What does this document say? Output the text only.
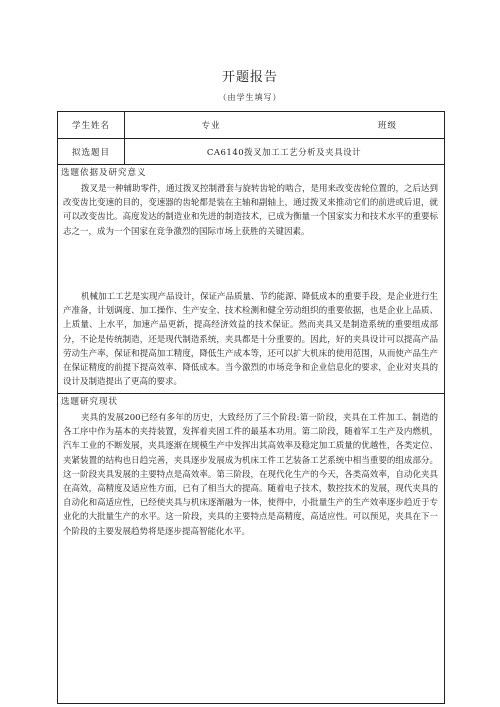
开题报告
（由学生填写）
学生姓名	专业	班级
拟选题目	CA6140拨叉加工工艺分析及夹具设计
选题依据及研究意义

拨叉是一种辅助零件，通过拨叉控制滑套与旋转齿轮的啮合，是用来改变齿轮位置的，之后达到改变齿比变速的目的，变速器的齿轮都是装在主轴和副轴上，通过拨叉来推动它们的前进或后退，就可以改变齿比。高度发达的制造业和先进的制造技术，已成为衡量一个国家实力和技术水平的重要标志之一，成为一个国家在竞争激烈的国际市场上获胜的关键因素。

机械加工工艺是实现产品设计，保证产品质量、节约能源、降低成本的重要手段，是企业进行生产准备，计划调度、加工操作、生产安全、技术检测和健全劳动组织的重要依据，也是企业上品质、上质量、上水平，加速产品更新，提高经济效益的技术保证。然而夹具又是制造系统的重要组成部分，不论是传统制造，还是现代制造系统，夹具都是十分重要的。因此，好的夹具设计可以提高产品劳动生产率，保证和提高加工精度，降低生产成本等，还可以扩大机床的使用范围，从而使产品生产在保证精度的前提下提高效率、降低成本。当今激烈的市场竞争和企业信息化的要求，企业对夹具的设计及制造提出了更高的要求。

选题研究现状

夹具的发展200已经有多年的历史，大致经历了三个阶段:第一阶段，夹具在工件加工、制造的各工序中作为基本的夹持装置，发挥着夹固工件的最基本功用。第二阶段，随着军工生产及内燃机，汽车工业的不断发展，夹具逐渐在规模生产中发挥出其高效率及稳定加工质量的优越性，各类定位、夹紧装置的结构也日趋完善，夹具逐步发展成为机床工件工艺装备工艺系统中相当重要的组成部分。这一阶段夹具发展的主要特点是高效率。第三阶段，在现代化生产的今天，各类高效率，自动化夹具在高效，高精度及适应性方面，已有了相当大的提高。随着电子技术，数控技术的发展，现代夹具的自动化和高适应性，已经使夹具与机床逐渐融为一体，使得中，小批量生产的生产效率逐步趋近于专业化的大批量生产的水平。这一阶段，夹具的主要特点是高精度，高适应性。可以预见，夹具在下一个阶段的主要发展趋势将是逐步提高智能化水平。
